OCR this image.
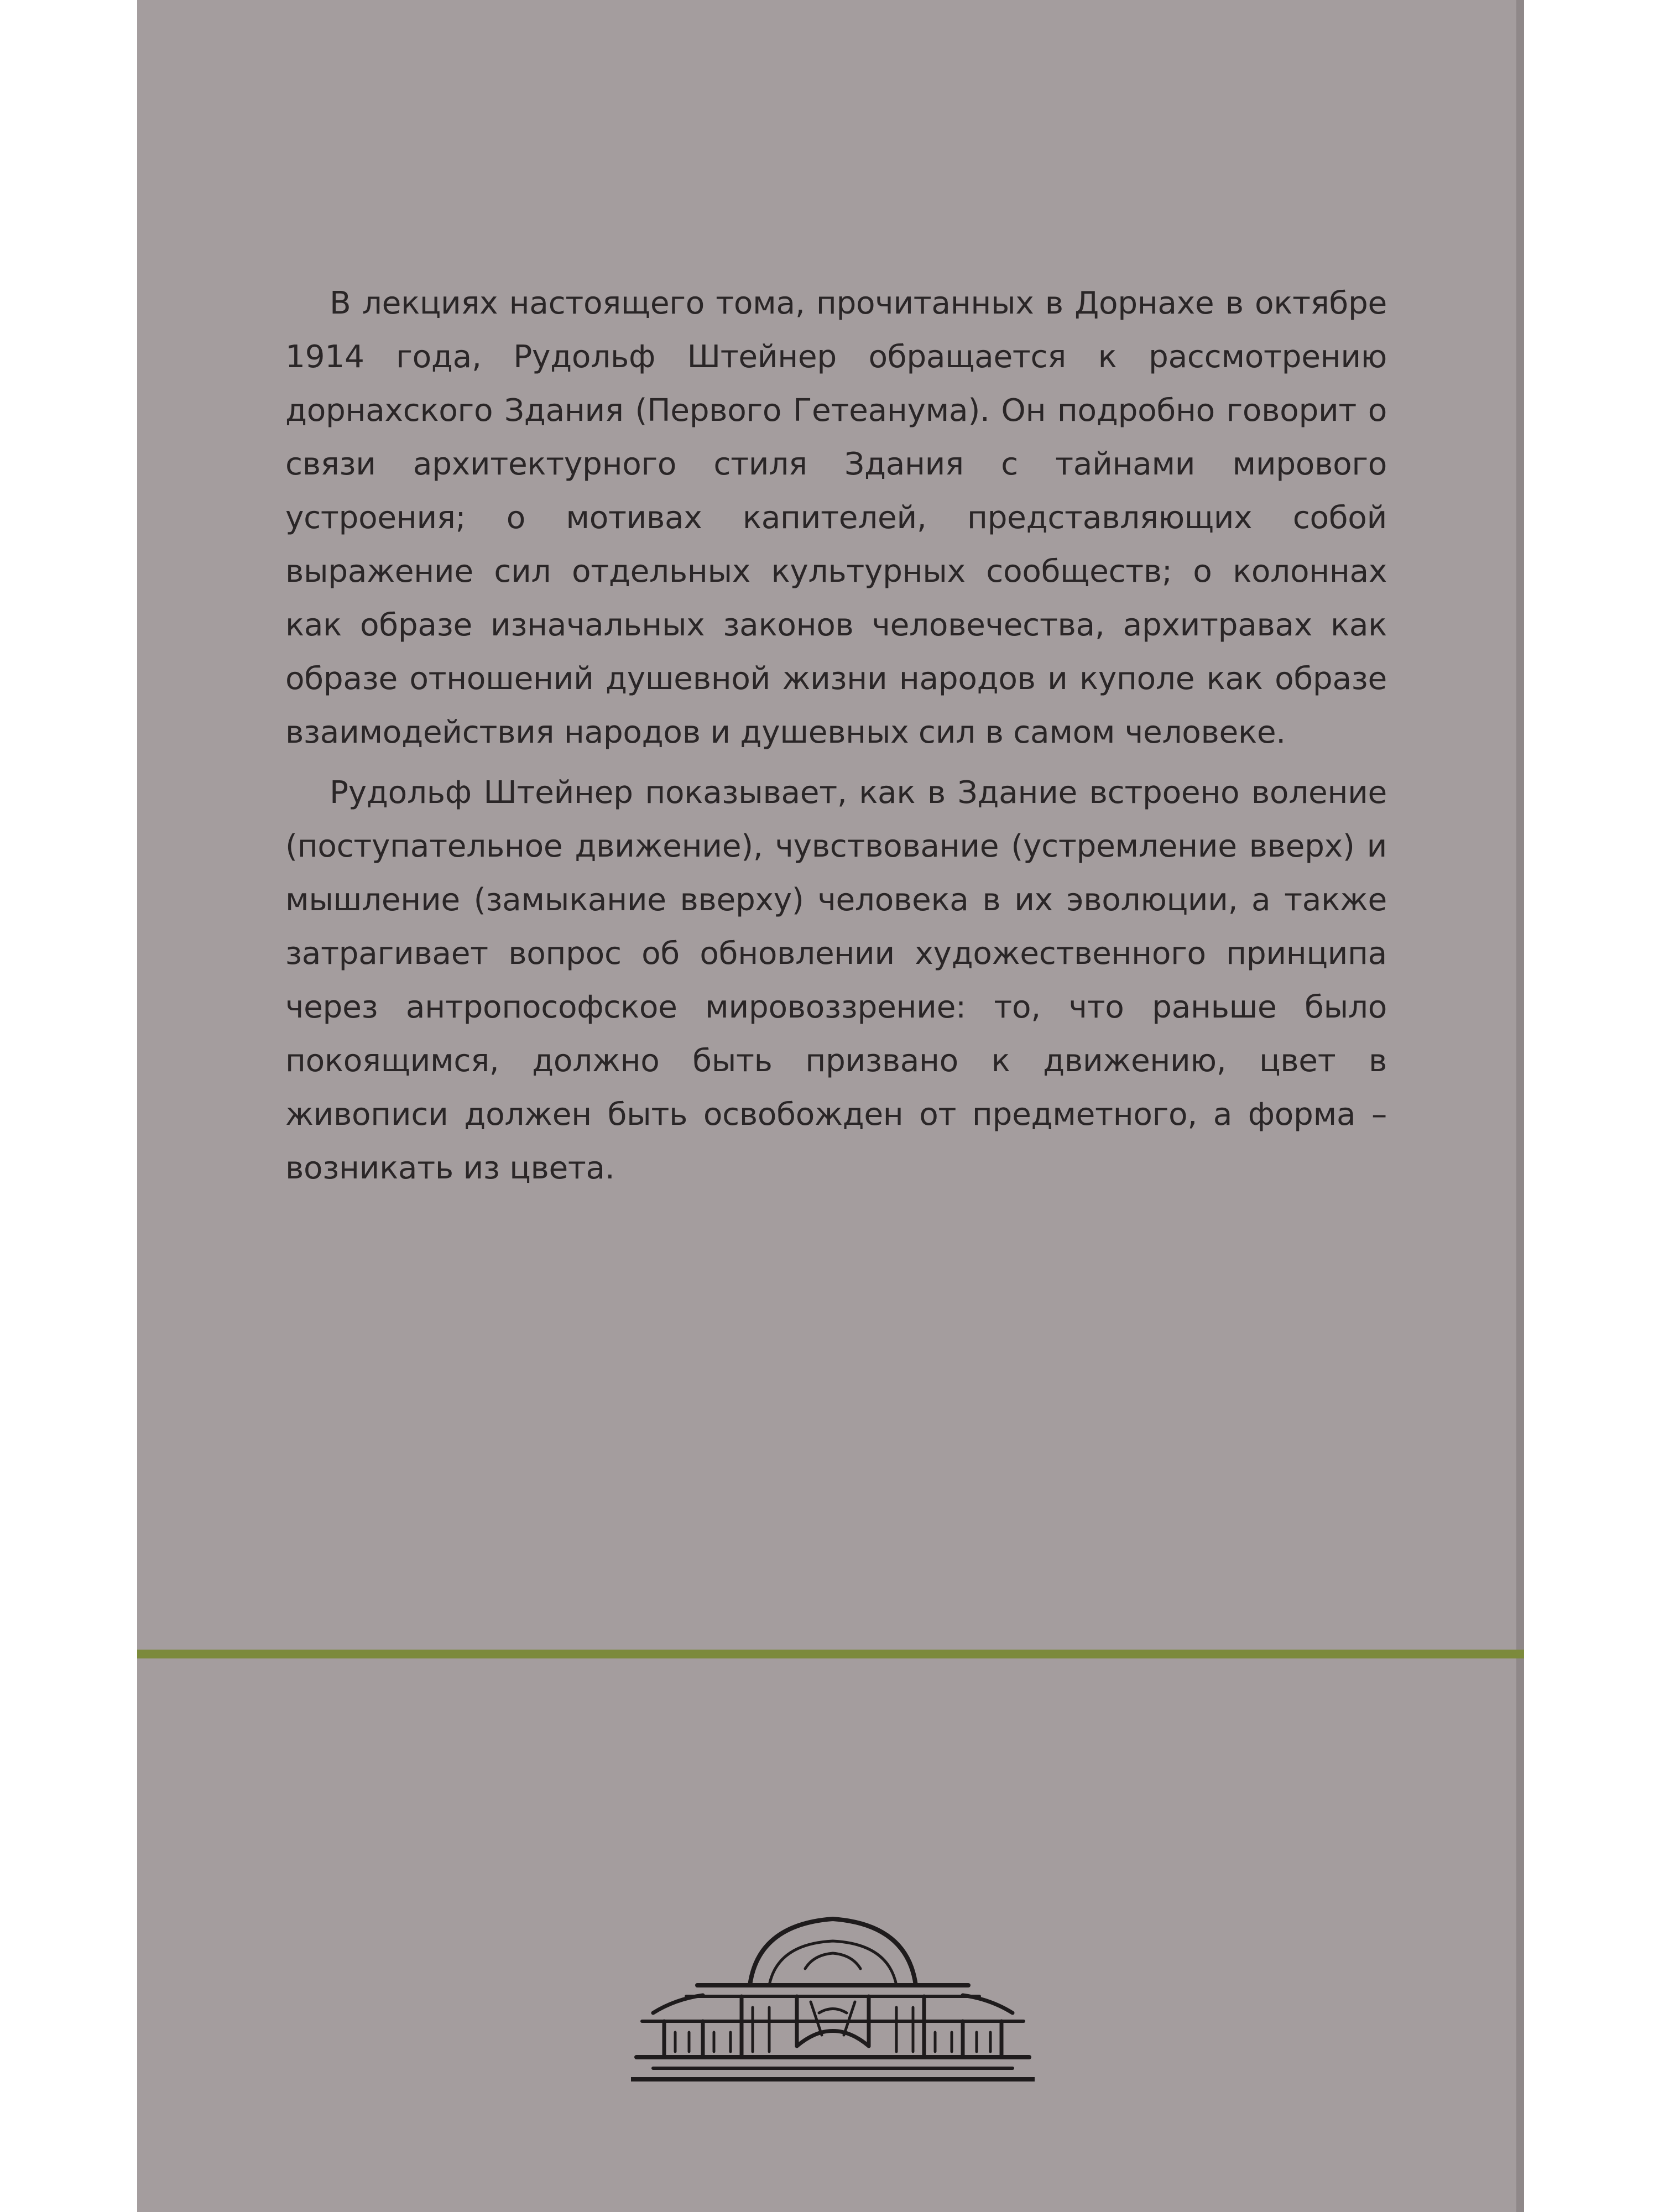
В лекциях настоящего тома, прочитанных в Дорнахе в октябре 1914 года, Рудольф Штейнер обращается к рассмотрению дорнахского Здания (Первого Гетеанума). Он подробно говорит о связи архитектурного стиля Здания с тайнами мирового устроения; о мотивах капителей, представляющих собой выражение сил отдельных культурных сообществ; о колоннах как образе изначальных законов человечества, архитравах как образе отношений душевной жизни народов и куполе как образе взаимодействия народов и душевных сил в самом человеке.

Рудольф Штейнер показывает, как в Здание встроено воление (поступательное движение), чувствование (устремление вверх) и мышление (замыкание вверху) человека в их эволюции, а также затрагивает вопрос об обновлении художественного принципа через антропософское мировоззрение: то, что раньше было покоящимся, должно быть призвано к движению, цвет в живописи должен быть освобожден от предметного, а форма – возникать из цвета.
